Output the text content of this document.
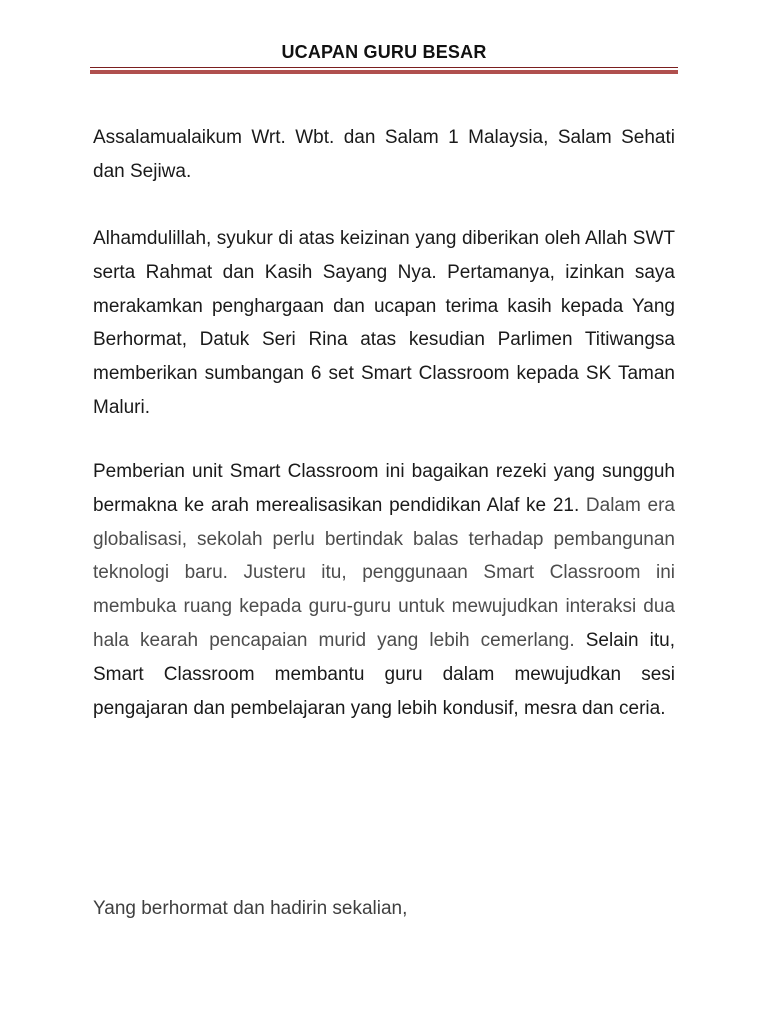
UCAPAN GURU BESAR
Assalamualaikum Wrt. Wbt. dan Salam 1 Malaysia, Salam Sehati dan Sejiwa.
Alhamdulillah, syukur di atas keizinan yang diberikan oleh Allah SWT serta Rahmat dan Kasih Sayang Nya. Pertamanya, izinkan saya merakamkan penghargaan dan ucapan terima kasih kepada Yang Berhormat, Datuk Seri Rina atas kesudian Parlimen Titiwangsa memberikan sumbangan 6 set Smart Classroom kepada SK Taman Maluri.
Pemberian unit Smart Classroom ini bagaikan rezeki yang sungguh bermakna ke arah merealisasikan pendidikan Alaf ke 21. Dalam era globalisasi, sekolah perlu bertindak balas terhadap pembangunan teknologi baru. Justeru itu, penggunaan Smart Classroom ini membuka ruang kepada guru-guru untuk mewujudkan interaksi dua hala kearah pencapaian murid yang lebih cemerlang. Selain itu, Smart Classroom membantu guru dalam mewujudkan sesi pengajaran dan pembelajaran yang lebih kondusif, mesra dan ceria.
Yang berhormat dan hadirin sekalian,
